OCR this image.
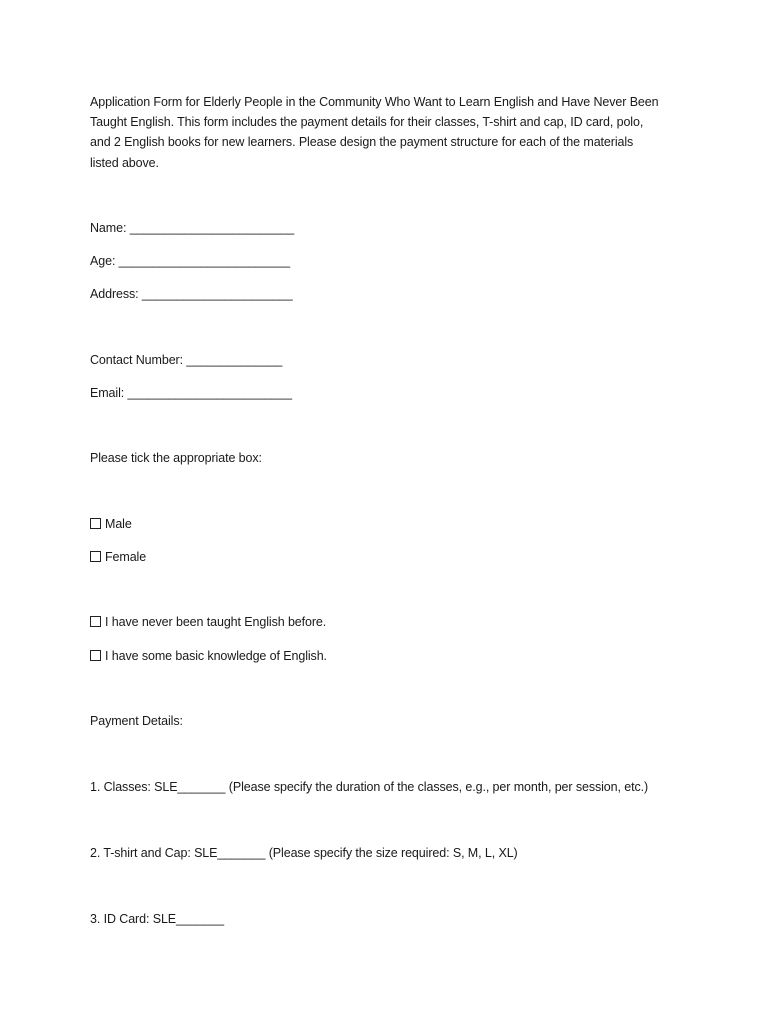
Application Form for Elderly People in the Community Who Want to Learn English and Have Never Been
Taught English. This form includes the payment details for their classes, T-shirt and cap, ID card, polo,
and 2 English books for new learners. Please design the payment structure for each of the materials
listed above.
Name: ________________________
Age: _________________________
Address: ______________________
Contact Number: ______________
Email: ________________________
Please tick the appropriate box:
Male
Female
I have never been taught English before.
I have some basic knowledge of English.
Payment Details:
1. Classes: SLE_______ (Please specify the duration of the classes, e.g., per month, per session, etc.)
2. T-shirt and Cap: SLE_______ (Please specify the size required: S, M, L, XL)
3. ID Card: SLE_______
